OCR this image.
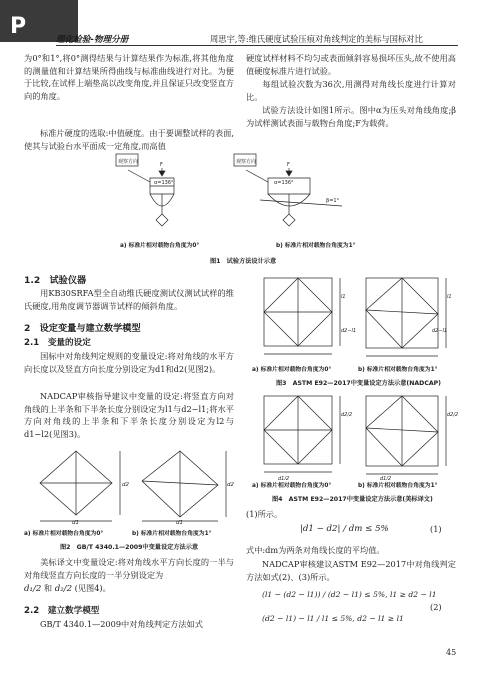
P
理化检验-物理分册	周思宇,等:维氏硬度试验压痕对角线判定的美标与国标对比
为0°和1°,将0°测得结果与计算结果作为标准,将其他角度的测量值和计算结果所得曲线与标准曲线进行对比。为便于比较,在试样上端垫高以改变角度,并且保证只改变竖直方向的角度。
标准片硬度的选取:中值硬度。由于要调整试样的表面,使其与试验台水平面成一定角度,而高值
硬度试样材料不均匀或表面倾斜容易损坏压头,故不使用高值硬度标准片进行试验。
每组试验次数为36次,用测得对角线长度进行计算对比。
试验方法设计如图1所示。图中α为压头对角线角度;β为试样测试表面与载物台角度;F为载荷。
观察方向
α=136°
F	观察方向
α=136°
F
β=1°
a) 标准片相对载物台角度为0°	b) 标准片相对载物台角度为1°
图1　试验方法设计示意
1.2　试验仪器
用KB30SRFA型全自动维氏硬度测试仪测试试样的维氏硬度,用角度调节器调节试样的倾斜角度。
2　设定变量与建立数学模型
2.1　变量的设定
国标中对角线判定规则的变量设定:将对角线的水平方向长度以及竖直方向长度分别设定为d1和d2(见图2)。
NADCAP审核指导建议中变量的设定:将竖直方向对角线的上半条和下半条长度分别设定为l1与d2−l1;将水平方向对角线的上半条和下半条长度分别设定为l2与d1−l2(见图3)。
d2
d1
d2
d1
a) 标准片相对载物台角度为0°	b) 标准片相对载物台角度为1°
图2　GB/T 4340.1—2009中变量设定方法示意
美标译文中变量设定:将对角线水平方向长度的一半与对角线竖直方向长度的一半分别设定为
d₁/2 和 d₂/2 (见图4)。
2.2　建立数学模型
GB/T 4340.1—2009中对角线判定方法如式
l1
d2−l1
l1
d2−l1
a) 标准片相对载物台角度为0°	b) 标准片相对载物台角度为1°
图3　ASTM E92—2017中变量设定方法示意(NADCAP)
d2/2
d1/2
d2/2
d1/2
a) 标准片相对载物台角度为0°	b) 标准片相对载物台角度为1°
图4　ASTM E92—2017中变量设定方法示意(美标译文)
(1)所示。
|d1 − d2| / dm ≤ 5%	(1)
式中:dm为两条对角线长度的平均值。
NADCAP审核建议ASTM E92—2017中对角线判定方法如式(2)、(3)所示。
(l1 − (d2 − l1)) / (d2 − l1) ≤ 5%, l1 ≥ d2 − l1
(d2 − l1) − l1 / l1 ≤ 5%, d2 − l1 ≥ l1
(2)
45
